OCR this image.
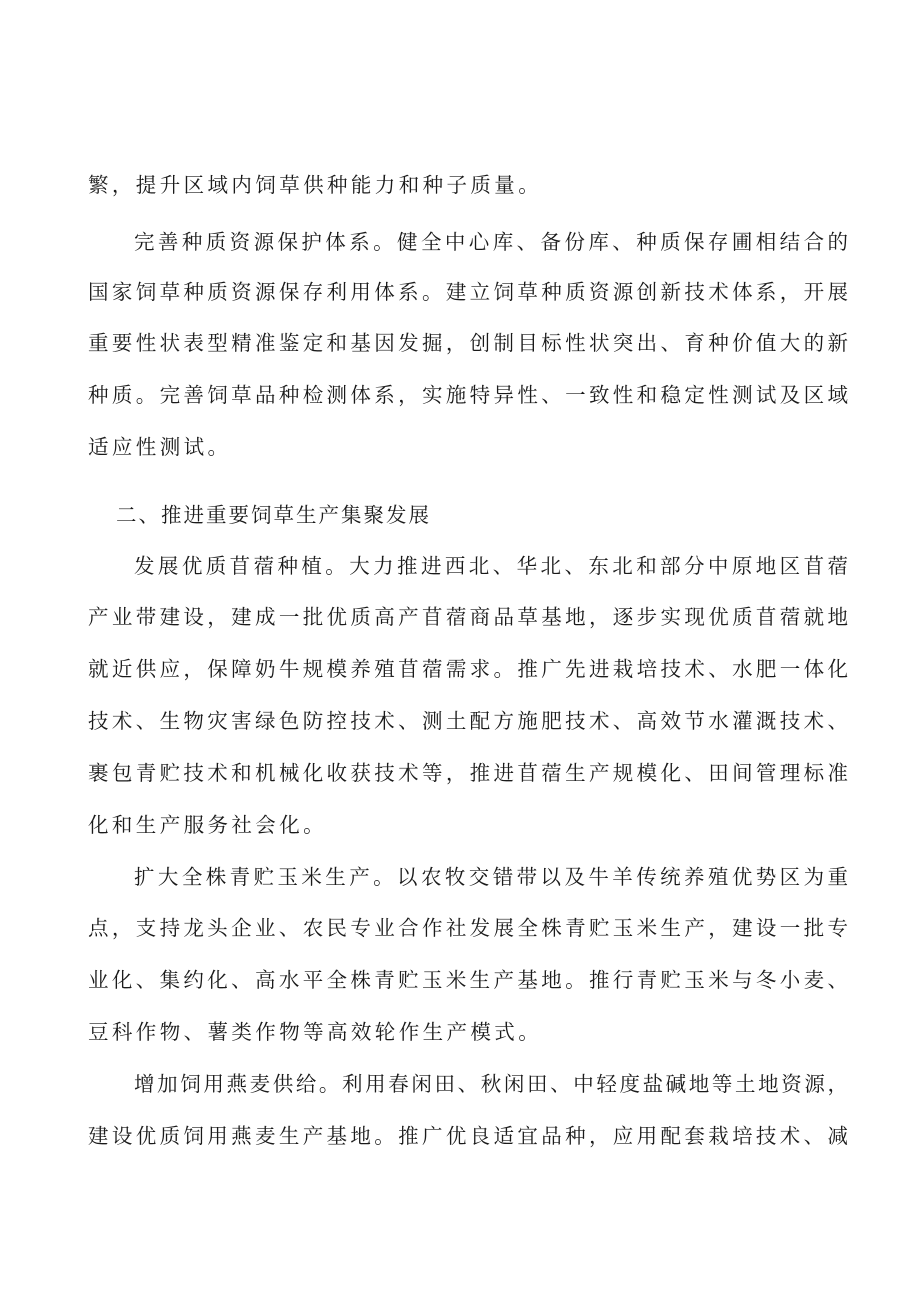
繁，提升区域内饲草供种能力和种子质量。
完善种质资源保护体系。健全中心库、备份库、种质保存圃相结合的
国家饲草种质资源保存利用体系。建立饲草种质资源创新技术体系，开展
重要性状表型精准鉴定和基因发掘，创制目标性状突出、育种价值大的新
种质。完善饲草品种检测体系，实施特异性、一致性和稳定性测试及区域
适应性测试。
二、推进重要饲草生产集聚发展
发展优质苜蓿种植。大力推进西北、华北、东北和部分中原地区苜蓿
产业带建设，建成一批优质高产苜蓿商品草基地，逐步实现优质苜蓿就地
就近供应，保障奶牛规模养殖苜蓿需求。推广先进栽培技术、水肥一体化
技术、生物灾害绿色防控技术、测土配方施肥技术、高效节水灌溉技术、
裹包青贮技术和机械化收获技术等，推进苜蓿生产规模化、田间管理标准
化和生产服务社会化。
扩大全株青贮玉米生产。以农牧交错带以及牛羊传统养殖优势区为重
点，支持龙头企业、农民专业合作社发展全株青贮玉米生产，建设一批专
业化、集约化、高水平全株青贮玉米生产基地。推行青贮玉米与冬小麦、
豆科作物、薯类作物等高效轮作生产模式。
增加饲用燕麦供给。利用春闲田、秋闲田、中轻度盐碱地等土地资源，
建设优质饲用燕麦生产基地。推广优良适宜品种，应用配套栽培技术、减
